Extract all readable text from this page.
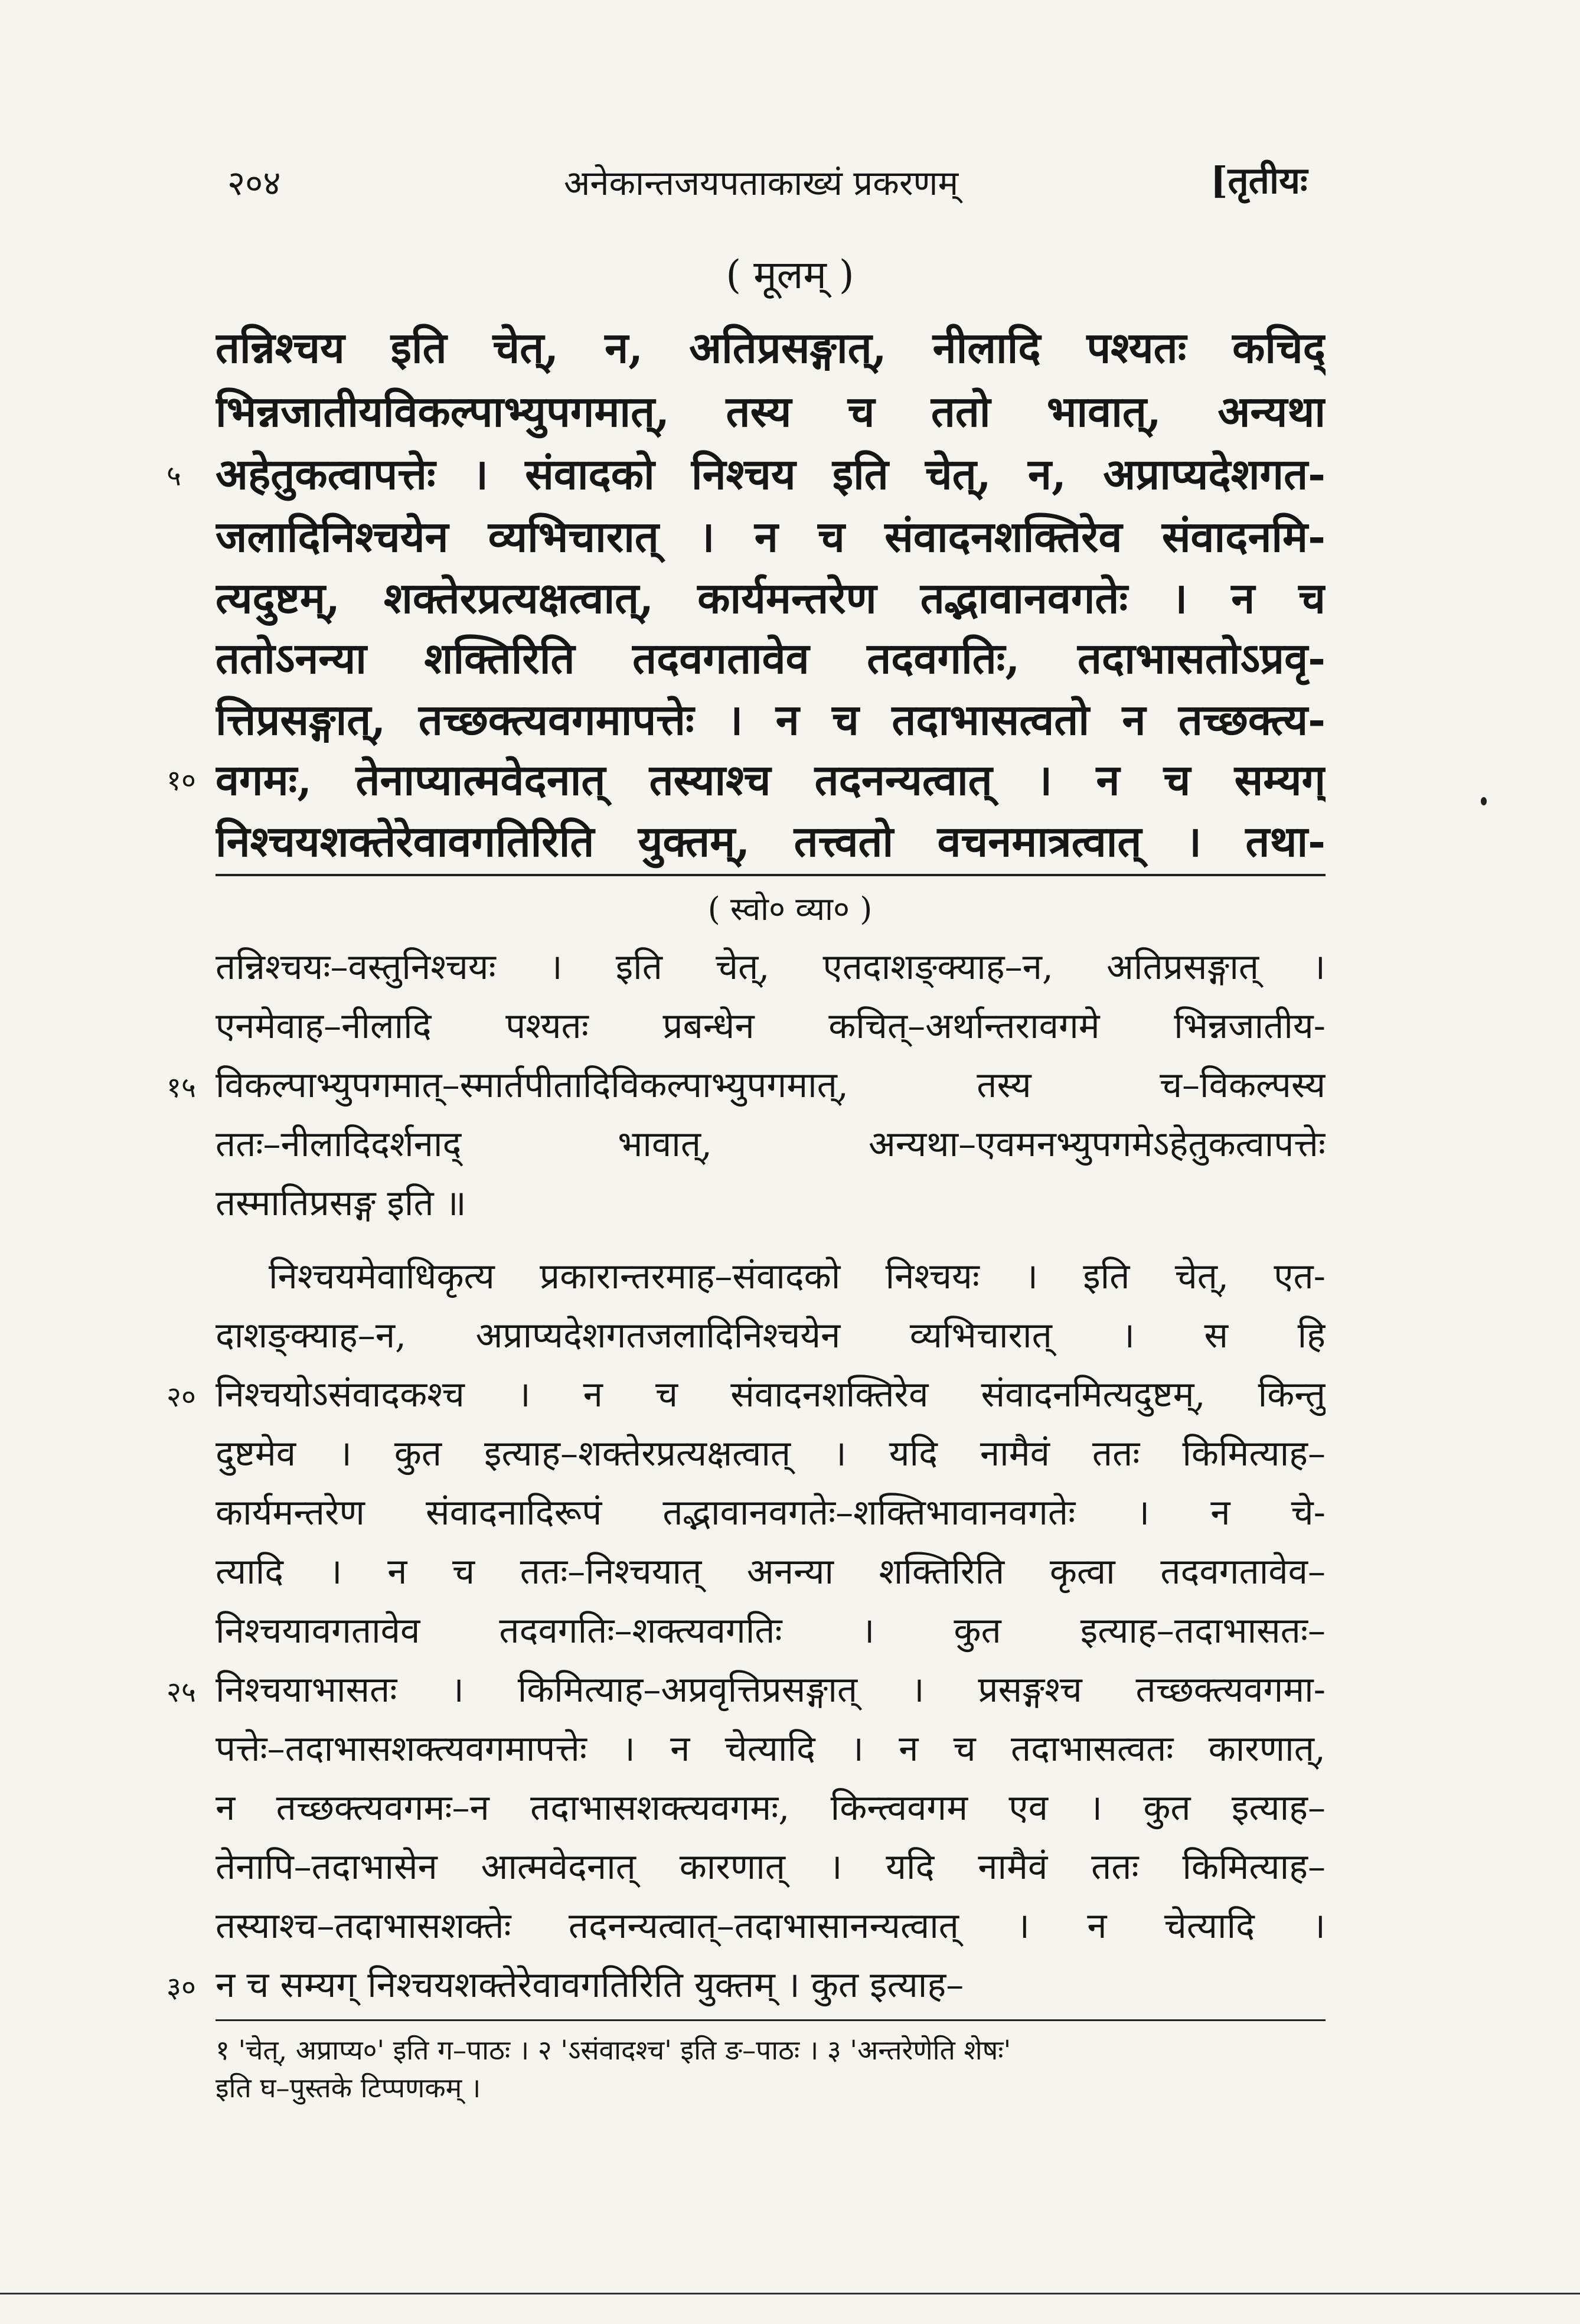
२०४	अनेकान्तजयपताकाख्यं प्रकरणम्	[तृतीयः
( मूलम् )
तन्निश्चय इति चेत्, न, अतिप्रसङ्गात्, नीलादि पश्यतः कचिद्
भिन्नजातीयविकल्पाभ्युपगमात्, तस्य च ततो भावात्, अन्यथा
अहेतुकत्वापत्तेः । संवादको निश्चय इति चेत्, न, अप्राप्यदेशगत-
जलादिनिश्चयेन व्यभिचारात् । न च संवादनशक्तिरेव संवादनमि-
त्यदुष्टम्, शक्तेरप्रत्यक्षत्वात्, कार्यमन्तरेण तद्भावानवगतेः । न च
ततोऽनन्या शक्तिरिति तदवगतावेव तदवगतिः, तदाभासतोऽप्रवृ-
त्तिप्रसङ्गात्, तच्छक्त्यवगमापत्तेः । न च तदाभासत्वतो न तच्छक्त्य-
वगमः, तेनाप्यात्मवेदनात् तस्याश्च तदनन्यत्वात् । न च सम्यग्
निश्चयशक्तेरेवावगतिरिति युक्तम्, तत्त्वतो वचनमात्रत्वात् । तथा-
५
१०
( स्वो० व्या० )
तन्निश्चयः–वस्तुनिश्चयः । इति चेत्, एतदाशङ्क्याह–न, अतिप्रसङ्गात् ।
एनमेवाह–नीलादि पश्यतः प्रबन्धेन कचित्–अर्थान्तरावगमे भिन्नजातीय-
विकल्पाभ्युपगमात्–स्मार्तपीतादिविकल्पाभ्युपगमात्, तस्य च–विकल्पस्य
ततः–नीलादिदर्शनाद् भावात्, अन्यथा–एवमनभ्युपगमेऽहेतुकत्वापत्तेः
तस्मातिप्रसङ्ग इति ॥
निश्चयमेवाधिकृत्य प्रकारान्तरमाह–संवादको निश्चयः । इति चेत्, एत-
दाशङ्क्याह–न, अप्राप्यदेशगतजलादिनिश्चयेन व्यभिचारात् । स हि
निश्चयोऽसंवादकश्च । न च संवादनशक्तिरेव संवादनमित्यदुष्टम्, किन्तु
दुष्टमेव । कुत इत्याह–शक्तेरप्रत्यक्षत्वात् । यदि नामैवं ततः किमित्याह–
कार्यमन्तरेण संवादनादिरूपं तद्भावानवगतेः–शक्तिभावानवगतेः । न चे-
त्यादि । न च ततः–निश्चयात् अनन्या शक्तिरिति कृत्वा तदवगतावेव–
निश्चयावगतावेव तदवगतिः–शक्त्यवगतिः । कुत इत्याह–तदाभासतः–
निश्चयाभासतः । किमित्याह–अप्रवृत्तिप्रसङ्गात् । प्रसङ्गश्च तच्छक्त्यवगमा-
पत्तेः–तदाभासशक्त्यवगमापत्तेः । न चेत्यादि । न च तदाभासत्वतः कारणात्,
न तच्छक्त्यवगमः–न तदाभासशक्त्यवगमः, किन्त्ववगम एव । कुत इत्याह–
तेनापि–तदाभासेन आत्मवेदनात् कारणात् । यदि नामैवं ततः किमित्याह–
तस्याश्च–तदाभासशक्तेः तदनन्यत्वात्–तदाभासानन्यत्वात् । न चेत्यादि ।
न च सम्यग् निश्चयशक्तेरेवावगतिरिति युक्तम् । कुत इत्याह–
१५
२०
२५
३०
१ 'चेत्, अप्राप्य०' इति ग–पाठः । २ 'ऽसंवादश्च' इति ङ–पाठः । ३ 'अन्तरेणेति शेषः'
इति घ–पुस्तके टिप्पणकम् ।
